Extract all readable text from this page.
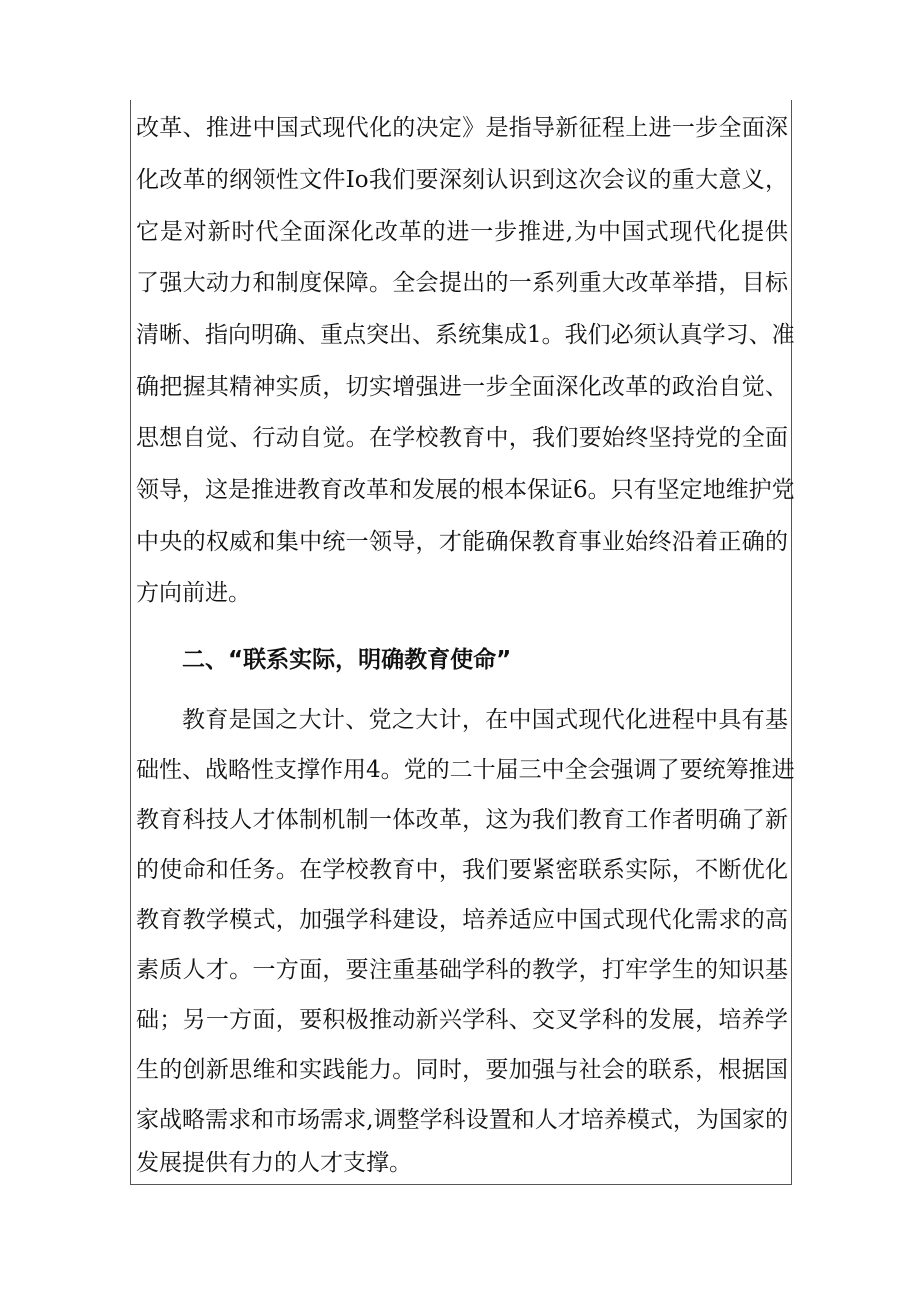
改革、推进中国式现代化的决定》是指导新征程上进一步全面深
化改革的纲领性文件Io我们要深刻认识到这次会议的重大意义，
它是对新时代全面深化改革的进一步推进,为中国式现代化提供
了强大动力和制度保障。全会提出的一系列重大改革举措，目标
清晰、指向明确、重点突出、系统集成1。我们必须认真学习、准
确把握其精神实质，切实增强进一步全面深化改革的政治自觉、
思想自觉、行动自觉。在学校教育中，我们要始终坚持党的全面
领导，这是推进教育改革和发展的根本保证6。只有坚定地维护党
中央的权威和集中统一领导，才能确保教育事业始终沿着正确的
方向前进。
二、“联系实际，明确教育使命”
教育是国之大计、党之大计，在中国式现代化进程中具有基
础性、战略性支撑作用4。党的二十届三中全会强调了要统筹推进
教育科技人才体制机制一体改革，这为我们教育工作者明确了新
的使命和任务。在学校教育中，我们要紧密联系实际，不断优化
教育教学模式，加强学科建设，培养适应中国式现代化需求的高
素质人才。一方面，要注重基础学科的教学，打牢学生的知识基
础；另一方面，要积极推动新兴学科、交叉学科的发展，培养学
生的创新思维和实践能力。同时，要加强与社会的联系，根据国
家战略需求和市场需求,调整学科设置和人才培养模式，为国家的
发展提供有力的人才支撑。
